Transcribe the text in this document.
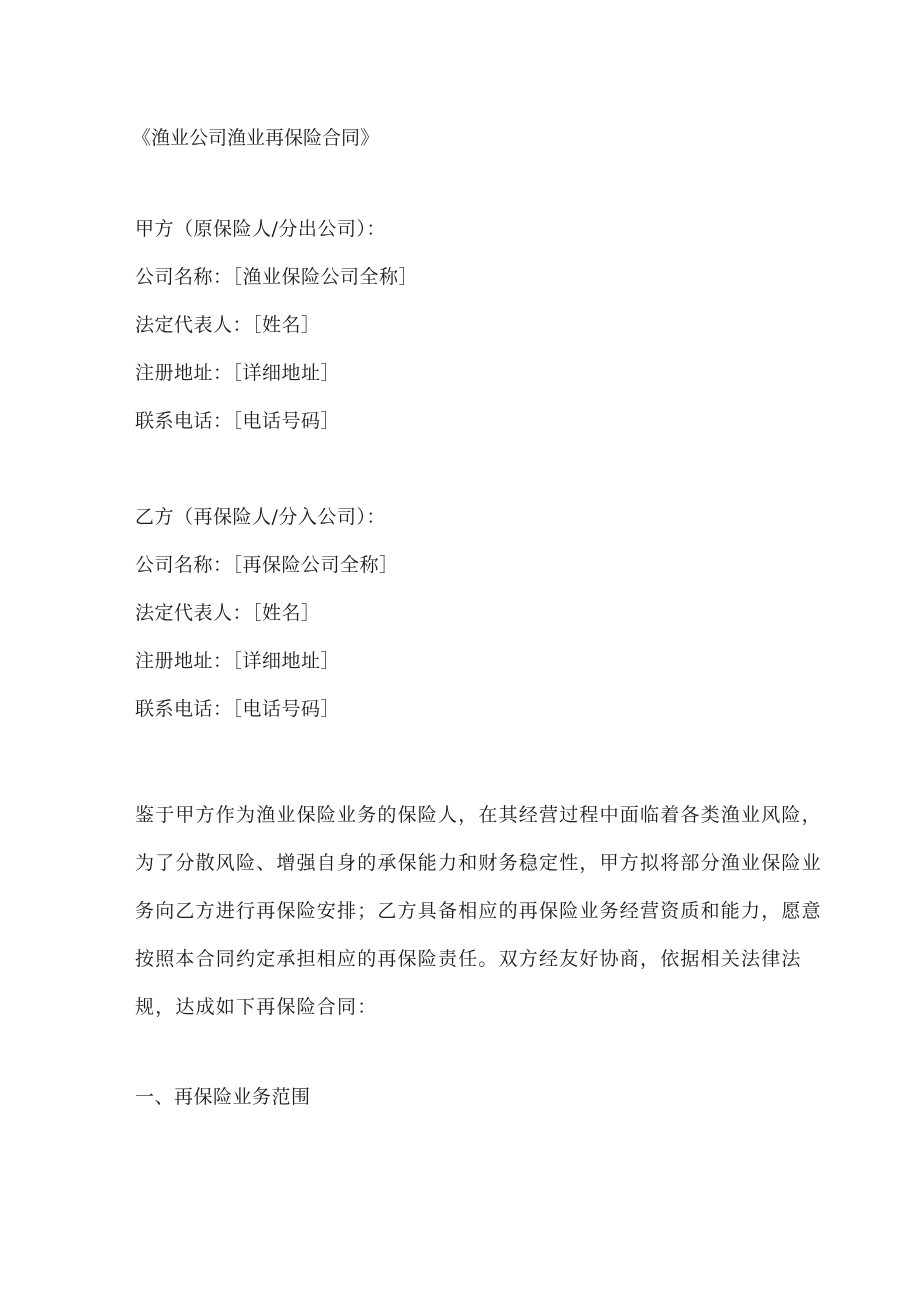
《渔业公司渔业再保险合同》
甲方（原保险人/分出公司）：
公司名称：［渔业保险公司全称］
法定代表人：［姓名］
注册地址：［详细地址］
联系电话：［电话号码］
乙方（再保险人/分入公司）：
公司名称：［再保险公司全称］
法定代表人：［姓名］
注册地址：［详细地址］
联系电话：［电话号码］
鉴于甲方作为渔业保险业务的保险人，在其经营过程中面临着各类渔业风险，
为了分散风险、增强自身的承保能力和财务稳定性，甲方拟将部分渔业保险业
务向乙方进行再保险安排；乙方具备相应的再保险业务经营资质和能力，愿意
按照本合同约定承担相应的再保险责任。双方经友好协商，依据相关法律法
规，达成如下再保险合同：
一、再保险业务范围
